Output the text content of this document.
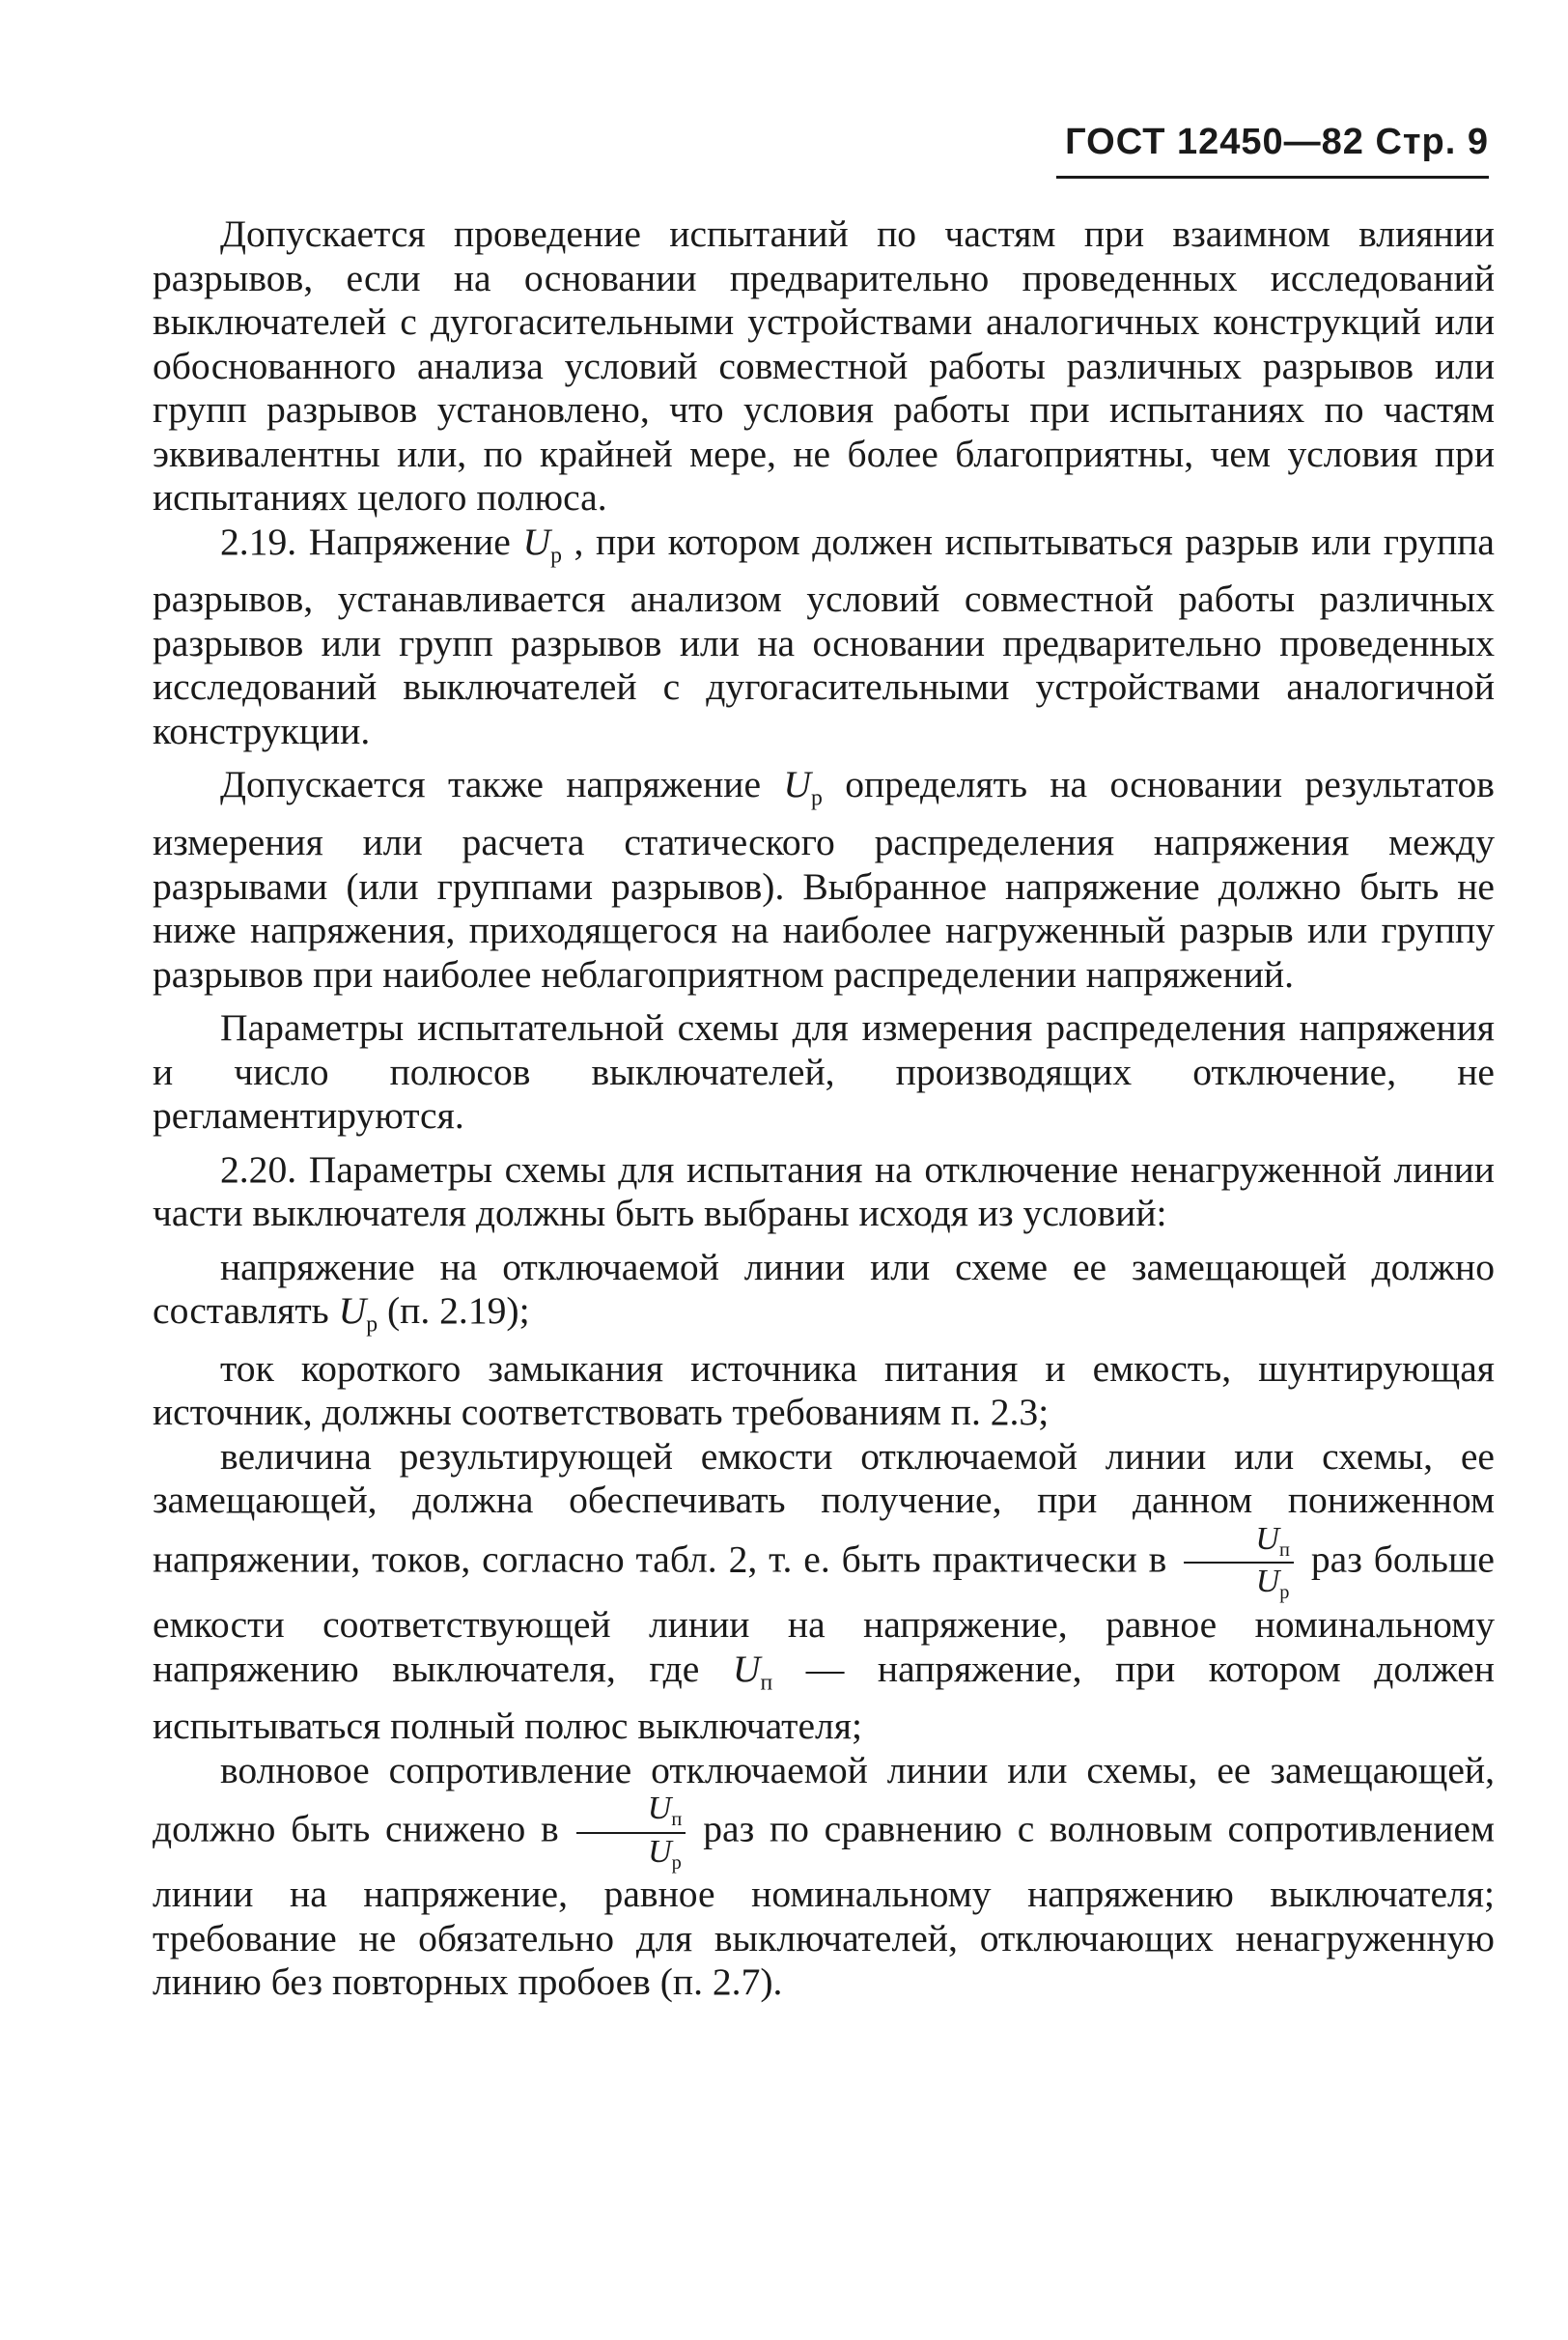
ГОСТ 12450—82 Стр. 9

Допускается проведение испытаний по частям при взаимном влиянии разрывов, если на основании предварительно проведенных исследований выключателей с дугогасительными устройствами аналогичных конструкций или обоснованного анализа условий совместной работы различных разрывов или групп разрывов установлено, что условия работы при испытаниях по частям эквивалентны или, по крайней мере, не более благоприятны, чем условия при испытаниях целого полюса.

2.19. Напряжение $U_р$ , при котором должен испытываться разрыв или группа разрывов, устанавливается анализом условий совместной работы различных разрывов или групп разрывов или на основании предварительно проведенных исследований выключателей с дугогасительными устройствами аналогичной конструкции.

Допускается также напряжение $U_р$ определять на основании результатов измерения или расчета статического распределения напряжения между разрывами (или группами разрывов). Выбранное напряжение должно быть не ниже напряжения, приходящегося на наиболее нагруженный разрыв или группу разрывов при наиболее неблагоприятном распределении напряжений.

Параметры испытательной схемы для измерения распределения напряжения и число полюсов выключателей, производящих отключение, не регламентируются.

2.20. Параметры схемы для испытания на отключение ненагруженной линии части выключателя должны быть выбраны исходя из условий:

напряжение на отключаемой линии или схеме ее замещающей должно составлять $U_р$ (п. 2.19);

ток короткого замыкания источника питания и емкость, шунтирующая источник, должны соответствовать требованиям п. 2.3;

величина результирующей емкости отключаемой линии или схемы, ее замещающей, должна обеспечивать получение, при данном пониженном напряжении, токов, согласно табл. 2, т. е. быть практически в $\frac{U_п}{U_р}$ раз больше емкости соответствующей линии на напряжение, равное номинальному напряжению выключателя, где $U_п$ — напряжение, при котором должен испытываться полный полюс выключателя;

волновое сопротивление отключаемой линии или схемы, ее замещающей, должно быть снижено в $\frac{U_п}{U_р}$ раз по сравнению с волновым сопротивлением линии на напряжение, равное номинальному напряжению выключателя; требование не обязательно для выключателей, отключающих ненагруженную линию без повторных пробоев (п. 2.7).
